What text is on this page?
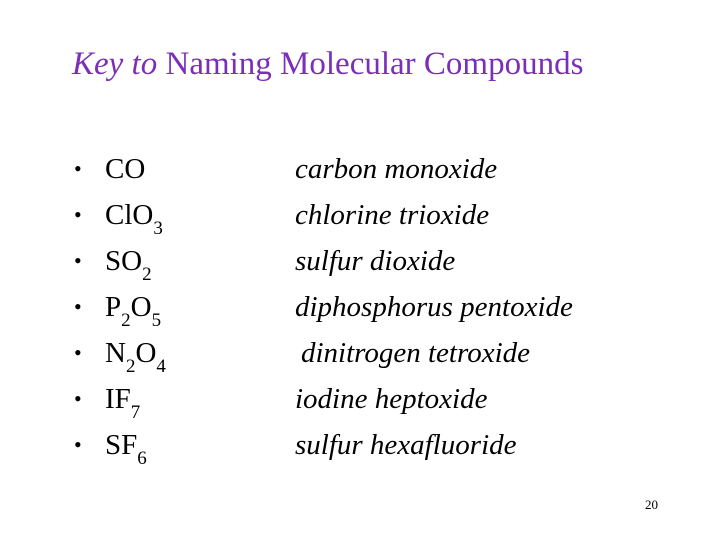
Key to Naming Molecular Compounds
• CO	carbon monoxide
• ClO$_3$	chlorine trioxide
• $SO_2$	sulfur dioxide
• $P_2O_5$	diphosphorus pentoxide
• $N_2O_4$	dinitrogen tetroxide
• $IF_7$	iodine heptoxide
• $SF_6$	sulfur hexafluoride
20
